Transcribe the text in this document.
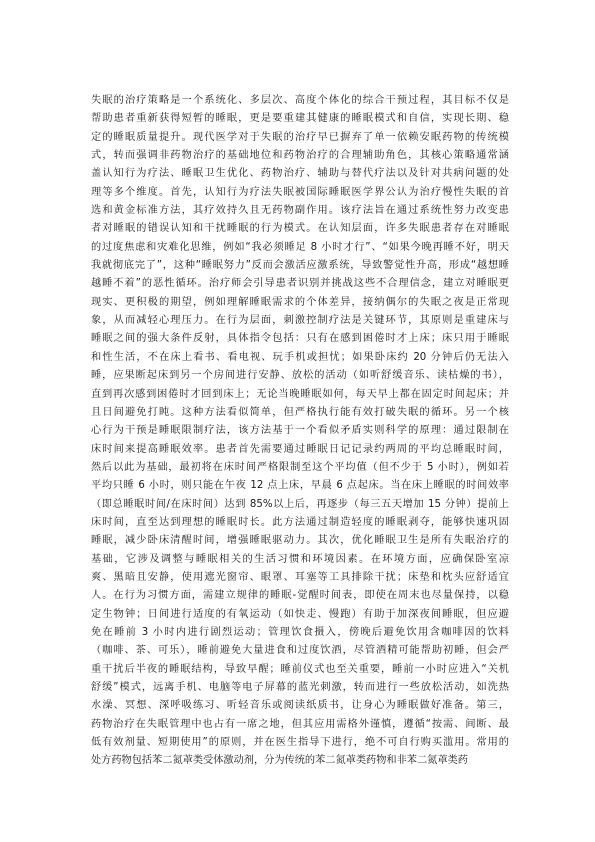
失眠的治疗策略是一个系统化、多层次、高度个体化的综合干预过程，其目标不仅是
帮助患者重新获得短暂的睡眠，更是要重建其健康的睡眠模式和自信，实现长期、稳
定的睡眠质量提升。现代医学对于失眠的治疗早已摒弃了单一依赖安眠药物的传统模
式，转而强调非药物治疗的基础地位和药物治疗的合理辅助角色，其核心策略通常涵
盖认知行为疗法、睡眠卫生优化、药物治疗、辅助与替代疗法以及针对共病问题的处
理等多个维度。首先，认知行为疗法失眠被国际睡眠医学界公认为治疗慢性失眠的首
选和黄金标准方法，其疗效持久且无药物副作用。该疗法旨在通过系统性努力改变患
者对睡眠的错误认知和干扰睡眠的行为模式。在认知层面，许多失眠患者存在对睡眠
的过度焦虑和灾难化思维，例如“我必须睡足 8 小时才行”、“如果今晚再睡不好，明天
我就彻底完了”，这种“睡眠努力”反而会激活应激系统，导致警觉性升高，形成“越想睡
越睡不着”的恶性循环。治疗师会引导患者识别并挑战这些不合理信念，建立对睡眠更
现实、更积极的期望，例如理解睡眠需求的个体差异，接纳偶尔的失眠之夜是正常现
象，从而减轻心理压力。在行为层面，刺激控制疗法是关键环节，其原则是重建床与
睡眠之间的强大条件反射，具体指令包括：只有在感到困倦时才上床；床只用于睡眠
和性生活，不在床上看书、看电视、玩手机或担忧；如果卧床约 20 分钟后仍无法入
睡，应果断起床到另一个房间进行安静、放松的活动（如听舒缓音乐、读枯燥的书），
直到再次感到困倦时才回到床上；无论当晚睡眠如何，每天早上都在固定时间起床；并
且日间避免打盹。这种方法看似简单，但严格执行能有效打破失眠的循环。另一个核
心行为干预是睡眠限制疗法，该方法基于一个看似矛盾实则科学的原理：通过限制在
床时间来提高睡眠效率。患者首先需要通过睡眠日记记录约两周的平均总睡眠时间，
然后以此为基础，最初将在床时间严格限制至这个平均值（但不少于 5 小时），例如若
平均只睡 6 小时，则只能在午夜 12 点上床，早晨 6 点起床。当在床上睡眠的时间效率
（即总睡眠时间/在床时间）达到 85%以上后，再逐步（每三五天增加 15 分钟）提前上
床时间，直至达到理想的睡眠时长。此方法通过制造轻度的睡眠剥夺，能够快速巩固
睡眠，减少卧床清醒时间，增强睡眠驱动力。其次，优化睡眠卫生是所有失眠治疗的
基础，它涉及调整与睡眠相关的生活习惯和环境因素。在环境方面，应确保卧室凉
爽、黑暗且安静，使用遮光窗帘、眼罩、耳塞等工具排除干扰；床垫和枕头应舒适宜
人。在行为习惯方面，需建立规律的睡眠-觉醒时间表，即使在周末也尽量保持，以稳
定生物钟；日间进行适度的有氧运动（如快走、慢跑）有助于加深夜间睡眠，但应避
免在睡前 3 小时内进行剧烈运动；管理饮食摄入，傍晚后避免饮用含咖啡因的饮料
（咖啡、茶、可乐），睡前避免大量进食和过度饮酒，尽管酒精可能帮助初睡，但会严
重干扰后半夜的睡眠结构，导致早醒；睡前仪式也至关重要，睡前一小时应进入“关机
舒缓”模式，远离手机、电脑等电子屏幕的蓝光刺激，转而进行一些放松活动，如洗热
水澡、冥想、深呼吸练习、听轻音乐或阅读纸质书，让身心为睡眠做好准备。第三，
药物治疗在失眠管理中也占有一席之地，但其应用需格外谨慎，遵循“按需、间断、最
低有效剂量、短期使用”的原则，并在医生指导下进行，绝不可自行购买滥用。常用的
处方药物包括苯二氮䓬类受体激动剂，分为传统的苯二氮䓬类药物和非苯二氮䓬类药
